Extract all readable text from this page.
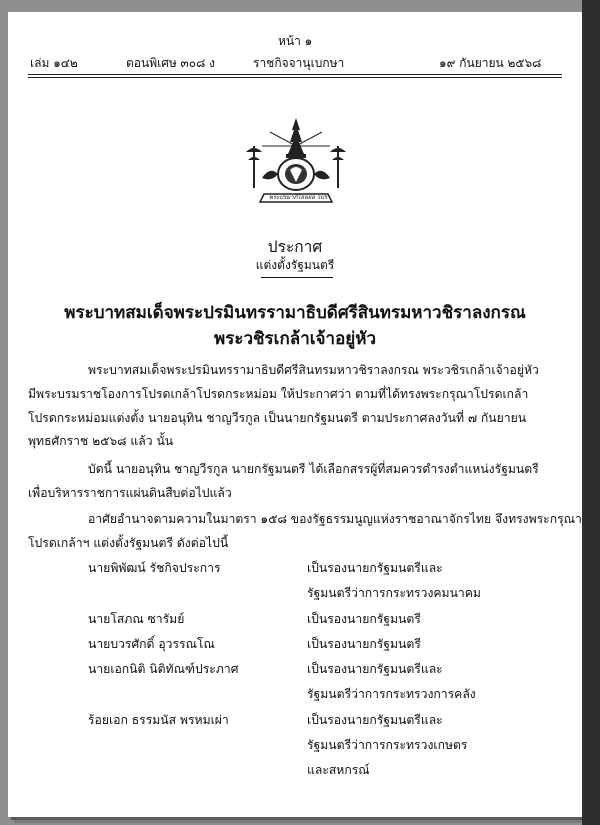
หน้า ๑
เล่ม ๑๔๒	ตอนพิเศษ ๓๐๘ ง	ราชกิจจานุเบกษา	๑๙ กันยายน ๒๕๖๘
พระปรมาภิไธยย่อ วปร
ประกาศ
แต่งตั้งรัฐมนตรี
พระบาทสมเด็จพระปรมินทรรามาธิบดีศรีสินทรมหาวชิราลงกรณ
พระวชิรเกล้าเจ้าอยู่หัว
พระบาทสมเด็จพระปรมินทรรามาธิบดีศรีสินทรมหาวชิราลงกรณ พระวชิรเกล้าเจ้าอยู่หัว
มีพระบรมราชโองการโปรดเกล้าโปรดกระหม่อม ให้ประกาศว่า ตามที่ได้ทรงพระกรุณาโปรดเกล้า
โปรดกระหม่อมแต่งตั้ง นายอนุทิน ชาญวีรกูล เป็นนายกรัฐมนตรี ตามประกาศลงวันที่ ๗ กันยายน
พุทธศักราช ๒๕๖๘ แล้ว นั้น
บัดนี้ นายอนุทิน ชาญวีรกูล นายกรัฐมนตรี ได้เลือกสรรผู้ที่สมควรดำรงตำแหน่งรัฐมนตรี
เพื่อบริหารราชการแผ่นดินสืบต่อไปแล้ว
อาศัยอำนาจตามความในมาตรา ๑๕๘ ของรัฐธรรมนูญแห่งราชอาณาจักรไทย จึงทรงพระกรุณา
โปรดเกล้าฯ แต่งตั้งรัฐมนตรี ดังต่อไปนี้
นายพิพัฒน์ รัชกิจประการ	เป็นรองนายกรัฐมนตรีและ
รัฐมนตรีว่าการกระทรวงคมนาคม
นายโสภณ ซารัมย์	เป็นรองนายกรัฐมนตรี
นายบวรศักดิ์ อุวรรณโณ	เป็นรองนายกรัฐมนตรี
นายเอกนิติ นิติทัณฑ์ประภาศ	เป็นรองนายกรัฐมนตรีและ
รัฐมนตรีว่าการกระทรวงการคลัง
ร้อยเอก ธรรมนัส พรหมเผ่า	เป็นรองนายกรัฐมนตรีและ
รัฐมนตรีว่าการกระทรวงเกษตร
และสหกรณ์
